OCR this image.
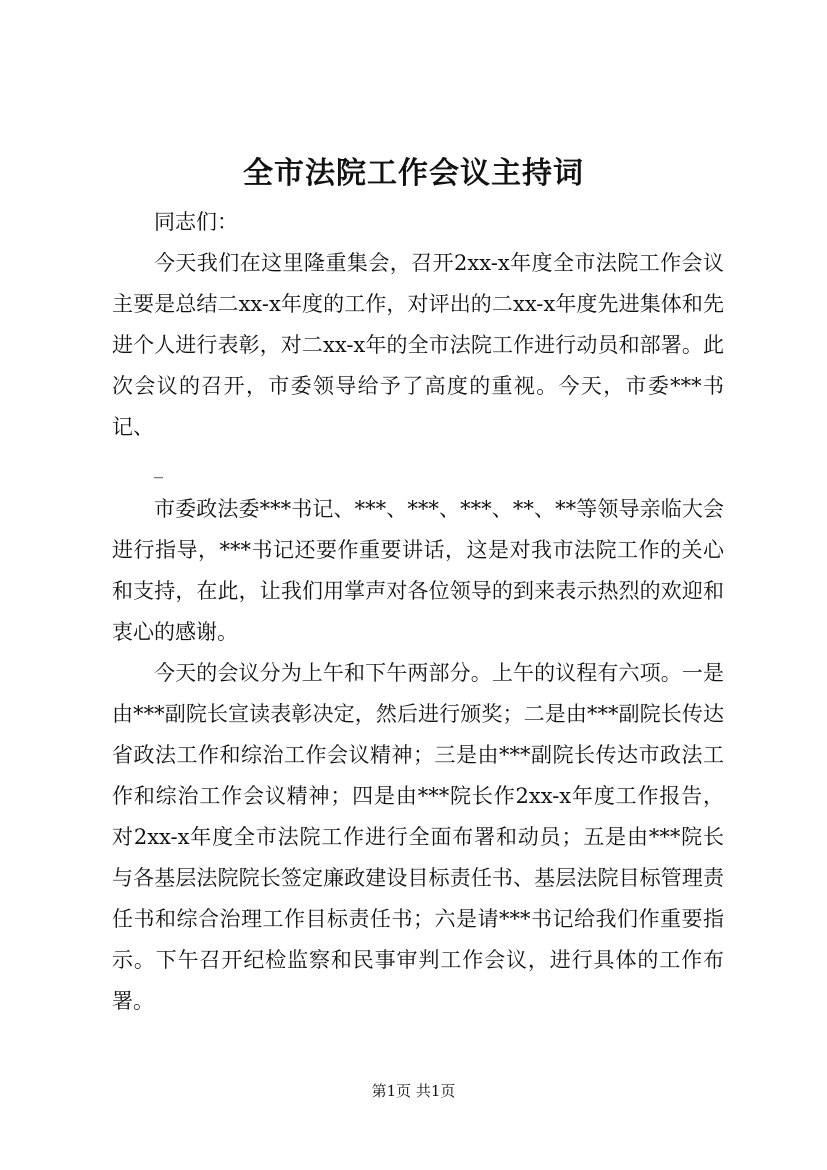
全市法院工作会议主持词

同志们：

今天我们在这里隆重集会，召开2xx-x年度全市法院工作会议主要是总结二xx-x年度的工作，对评出的二xx-x年度先进集体和先进个人进行表彰，对二xx-x年的全市法院工作进行动员和部署。此次会议的召开，市委领导给予了高度的重视。今天，市委***书记、

_

市委政法委***书记、***、***、***、**、**等领导亲临大会进行指导，***书记还要作重要讲话，这是对我市法院工作的关心和支持，在此，让我们用掌声对各位领导的到来表示热烈的欢迎和衷心的感谢。

今天的会议分为上午和下午两部分。上午的议程有六项。一是由***副院长宣读表彰决定，然后进行颁奖；二是由***副院长传达省政法工作和综治工作会议精神；三是由***副院长传达市政法工作和综治工作会议精神；四是由***院长作2xx-x年度工作报告，对2xx-x年度全市法院工作进行全面布署和动员；五是由***院长与各基层法院院长签定廉政建设目标责任书、基层法院目标管理责任书和综合治理工作目标责任书；六是请***书记给我们作重要指示。下午召开纪检监察和民事审判工作会议，进行具体的工作布署。

第1页 共1页
